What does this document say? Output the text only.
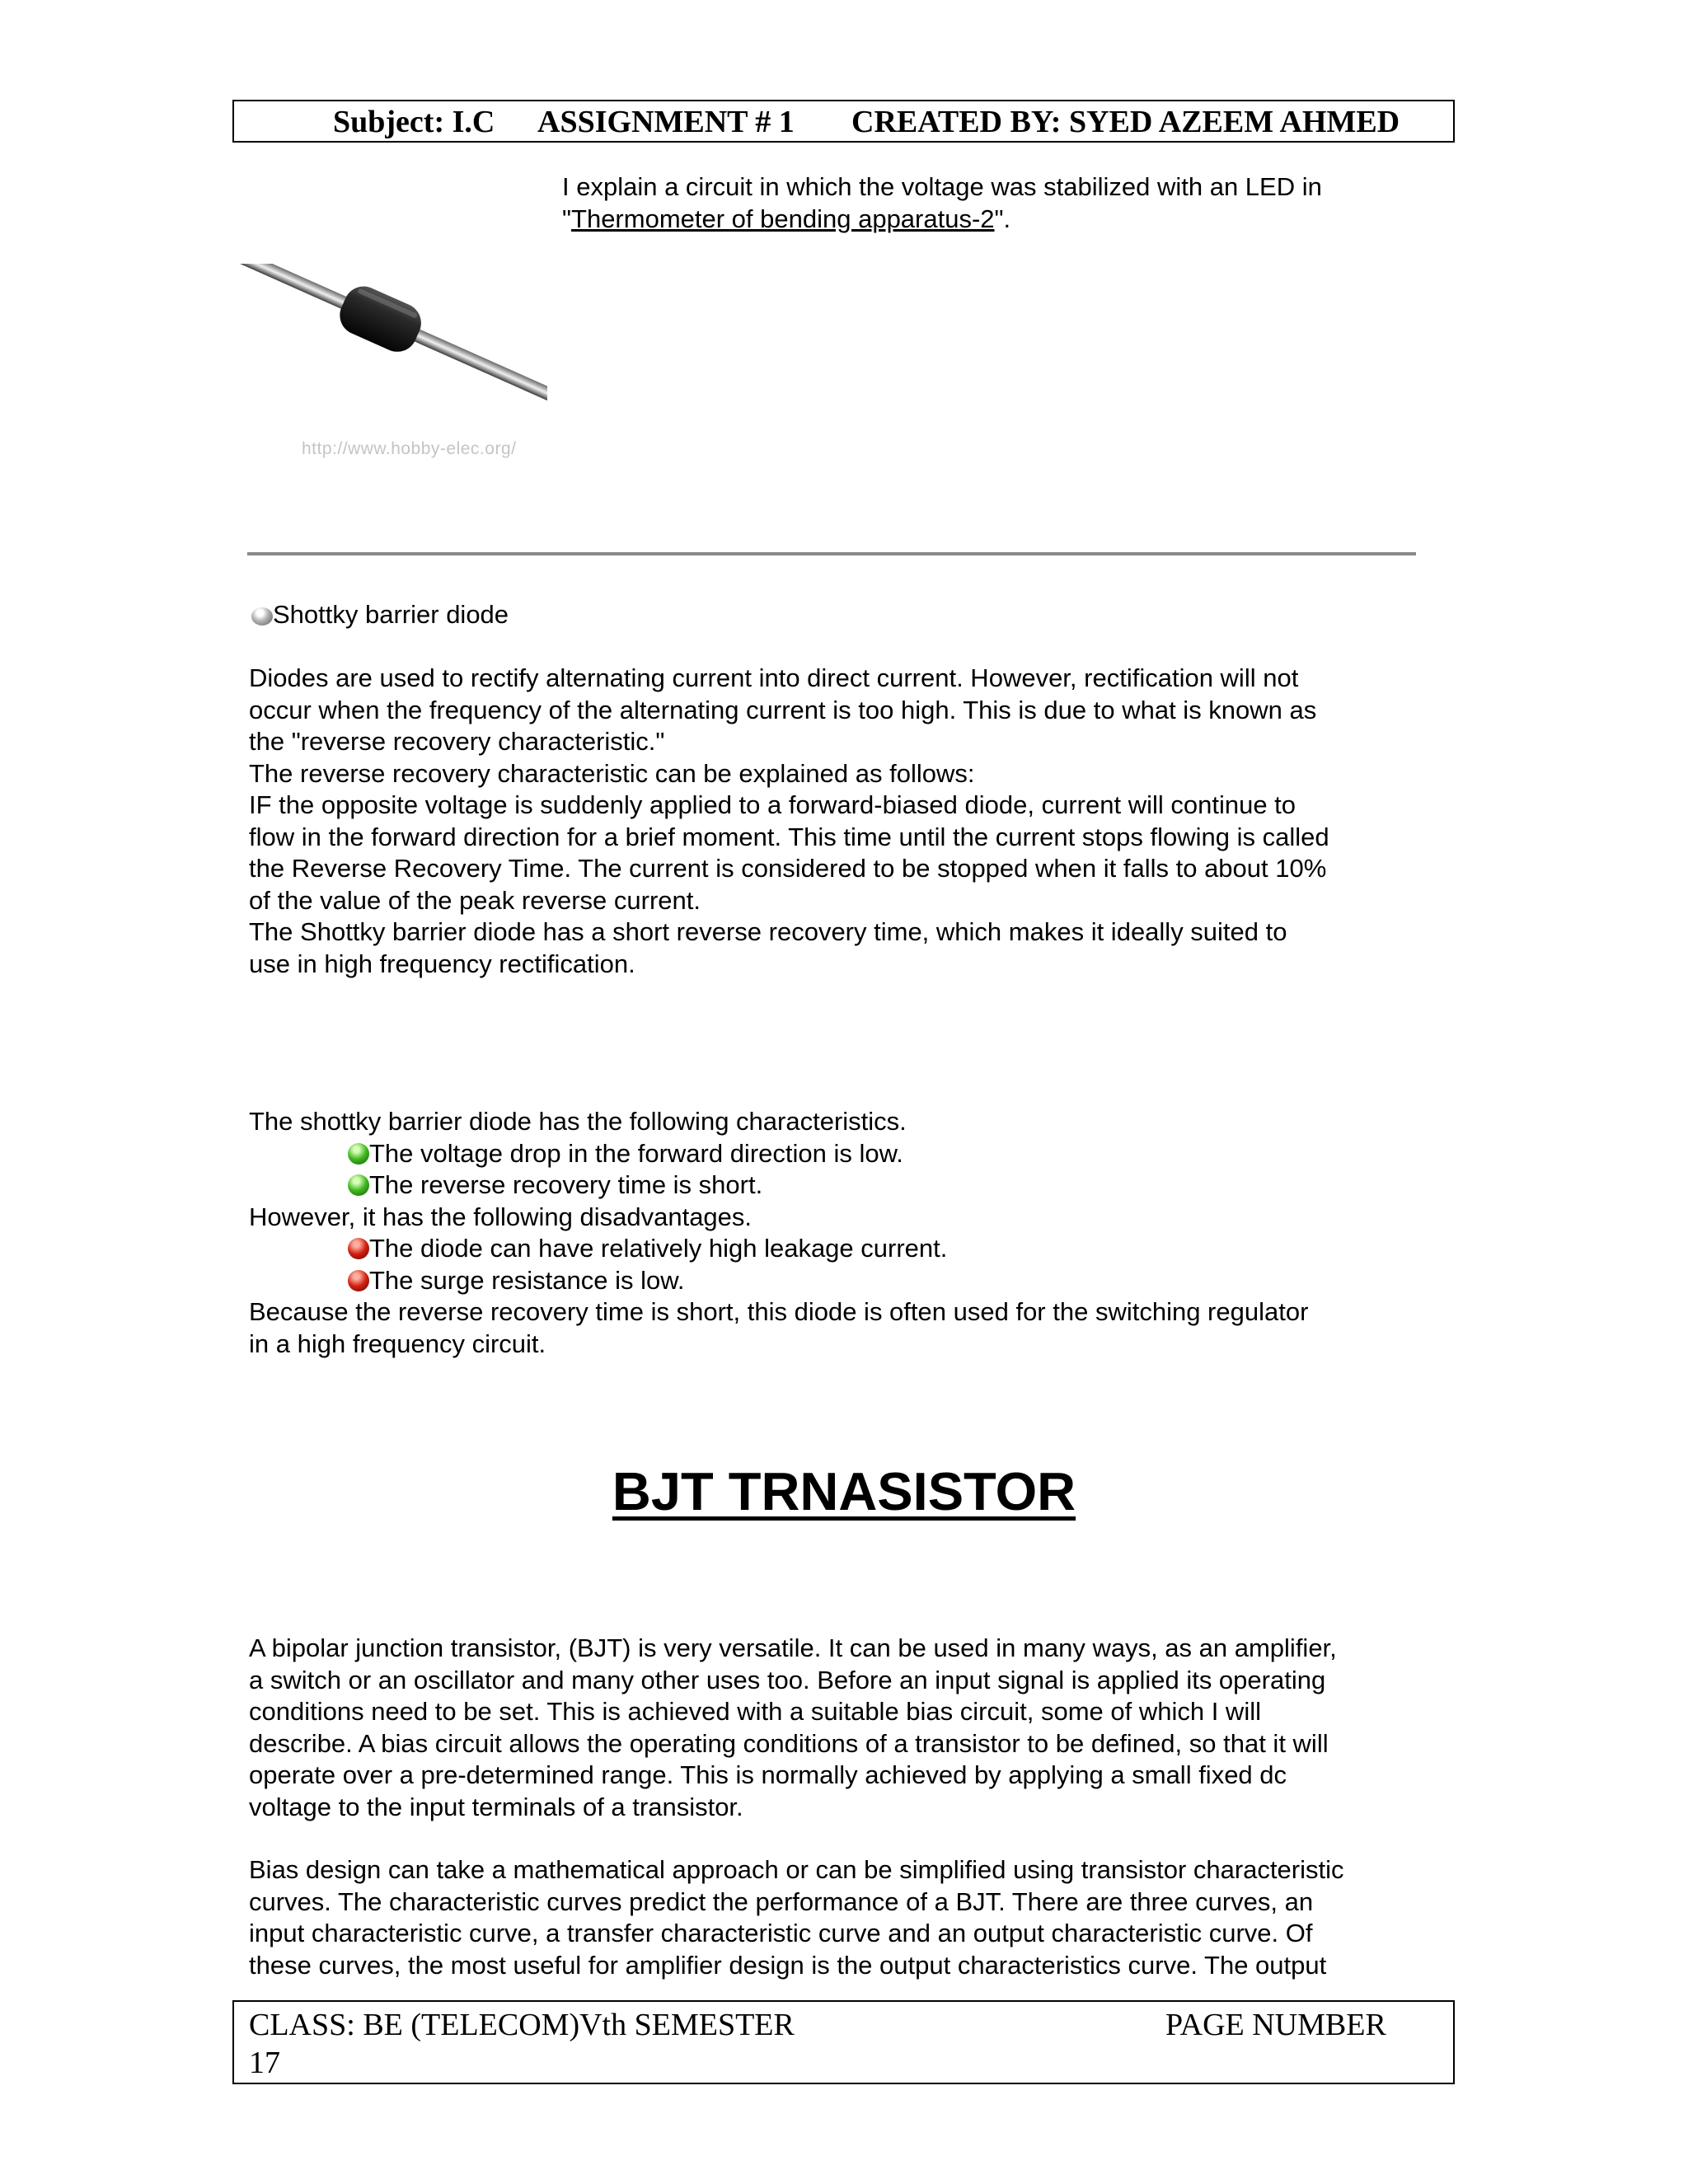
Subject: I.C ASSIGNMENT # 1 CREATED BY: SYED AZEEM AHMED
I explain a circuit in which the voltage was stabilized with an LED in
"Thermometer of bending apparatus-2".
http://www.hobby-elec.org/
Shottky barrier diode
Diodes are used to rectify alternating current into direct current. However, rectification will not
occur when the frequency of the alternating current is too high. This is due to what is known as
the "reverse recovery characteristic."
The reverse recovery characteristic can be explained as follows:
IF the opposite voltage is suddenly applied to a forward-biased diode, current will continue to
flow in the forward direction for a brief moment. This time until the current stops flowing is called
the Reverse Recovery Time. The current is considered to be stopped when it falls to about 10%
of the value of the peak reverse current.
The Shottky barrier diode has a short reverse recovery time, which makes it ideally suited to
use in high frequency rectification.
The shottky barrier diode has the following characteristics.
The voltage drop in the forward direction is low.
The reverse recovery time is short.
However, it has the following disadvantages.
The diode can have relatively high leakage current.
The surge resistance is low.
Because the reverse recovery time is short, this diode is often used for the switching regulator
in a high frequency circuit.
BJT TRNASISTOR
A bipolar junction transistor, (BJT) is very versatile. It can be used in many ways, as an amplifier,
a switch or an oscillator and many other uses too. Before an input signal is applied its operating
conditions need to be set. This is achieved with a suitable bias circuit, some of which I will
describe. A bias circuit allows the operating conditions of a transistor to be defined, so that it will
operate over a pre-determined range. This is normally achieved by applying a small fixed dc
voltage to the input terminals of a transistor.
Bias design can take a mathematical approach or can be simplified using transistor characteristic
curves. The characteristic curves predict the performance of a BJT. There are three curves, an
input characteristic curve, a transfer characteristic curve and an output characteristic curve. Of
these curves, the most useful for amplifier design is the output characteristics curve. The output
CLASS: BE (TELECOM)Vth SEMESTER	PAGE NUMBER
17
